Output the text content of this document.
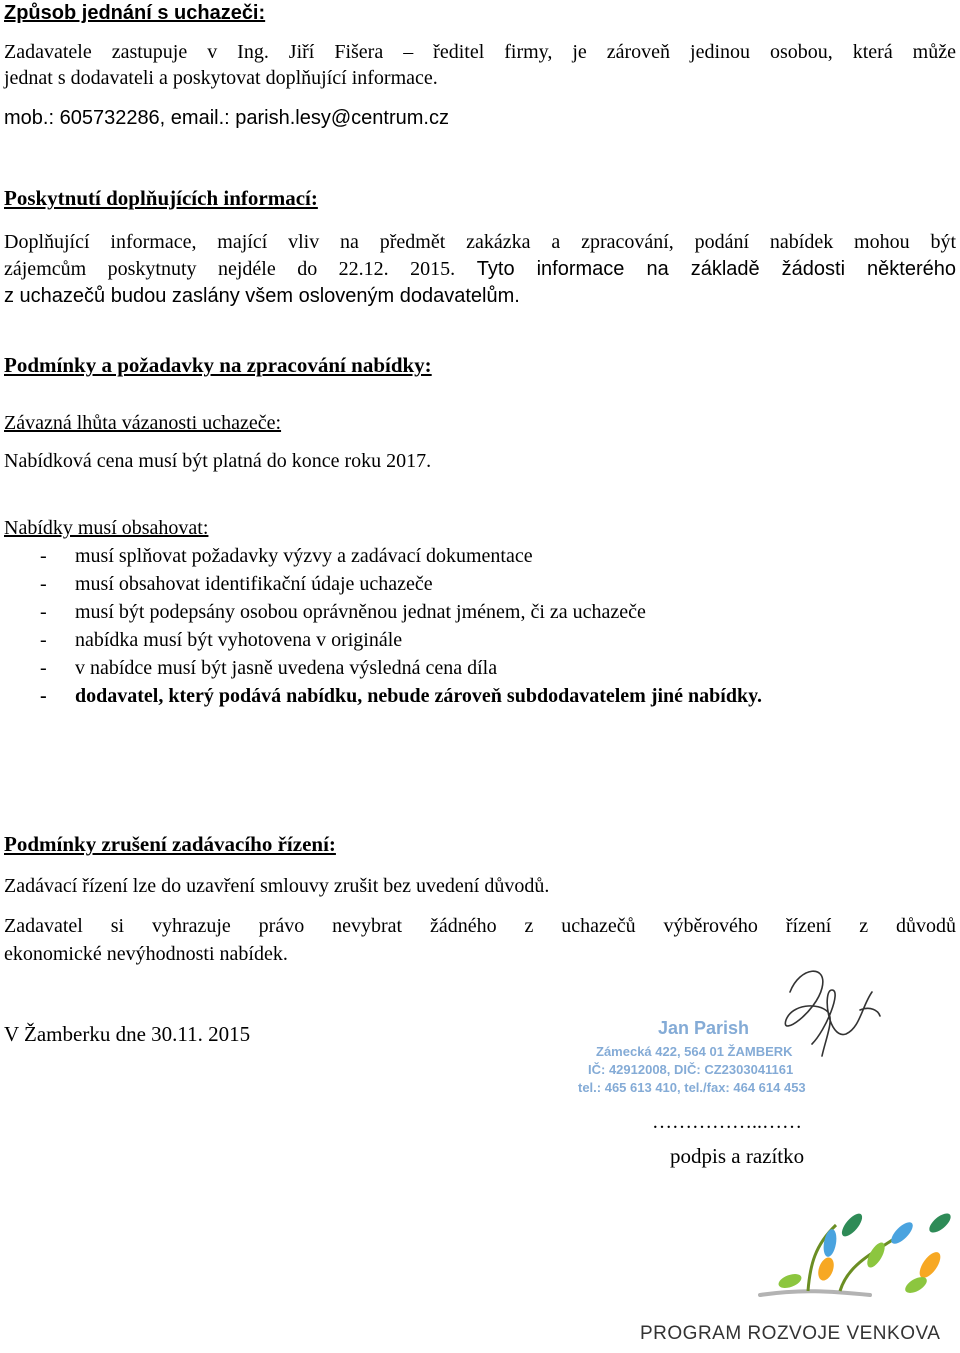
Způsob jednání s uchazeči:
Zadavatele zastupuje v Ing. Jiří Fišera – ředitel firmy, je zároveň jedinou osobou, která může
jednat s dodavateli a poskytovat doplňující informace.
mob.: 605732286, email.: parish.lesy@centrum.cz
Poskytnutí doplňujících informací:
Doplňující informace, mající vliv na předmět zakázka a zpracování, podání nabídek mohou být
zájemcům poskytnuty nejdéle do 22.12. 2015. Tyto informace na základě žádosti některého
z uchazečů budou zaslány všem osloveným dodavatelům.
Podmínky a požadavky na zpracování nabídky:
Závazná lhůta vázanosti uchazeče:
Nabídková cena musí být platná do konce roku 2017.
Nabídky musí obsahovat:
- musí splňovat požadavky výzvy a zadávací dokumentace
- musí obsahovat identifikační údaje uchazeče
- musí být podepsány osobou oprávněnou jednat jménem, či za uchazeče
- nabídka musí být vyhotovena v originále
- v nabídce musí být jasně uvedena výsledná cena díla
- dodavatel, který podává nabídku, nebude zároveň subdodavatelem jiné nabídky.
Podmínky zrušení zadávacího řízení:
Zadávací řízení lze do uzavření smlouvy zrušit bez uvedení důvodů.
Zadavatel si vyhrazuje právo nevybrat žádného z uchazečů výběrového řízení z důvodů
ekonomické nevýhodnosti nabídek.
V Žamberku dne 30.11. 2015	Jan Parish
Zámecká 422, 564 01 ŽAMBERK
IČ: 42912008, DIČ: CZ2303041161
tel.: 465 613 410, tel./fax: 464 614 453
……………..……
podpis a razítko
PROGRAM ROZVOJE VENKOVA
